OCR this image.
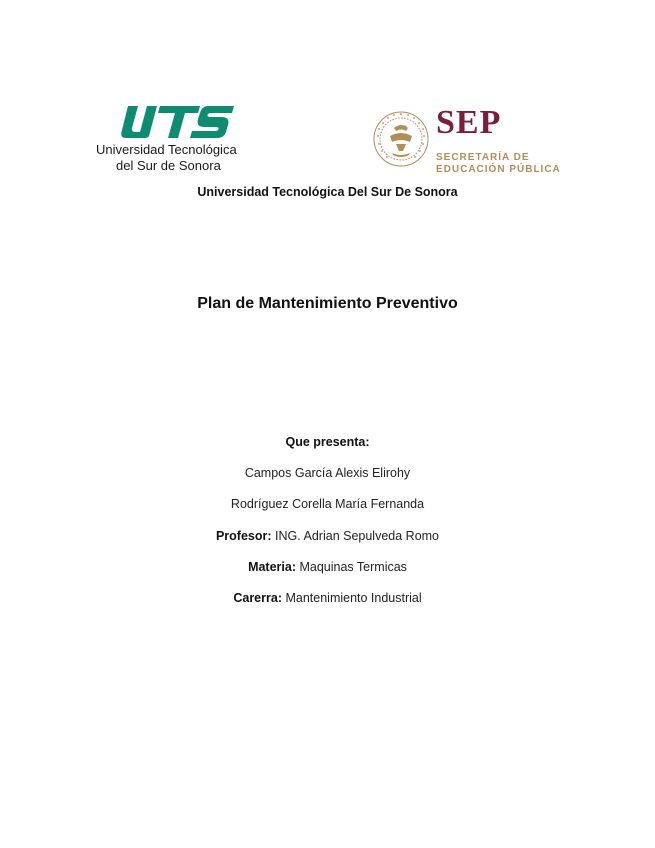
Universidad Tecnológica
del Sur de Sonora
SEP
SECRETARÍA DE
EDUCACIÓN PÚBLICA
Universidad Tecnológica Del Sur De Sonora
Plan de Mantenimiento Preventivo
Que presenta:
Campos García Alexis Elirohy
Rodríguez Corella María Fernanda
Profesor: ING. Adrian Sepulveda Romo
Materia: Maquinas Termicas
Carerra: Mantenimiento Industrial
